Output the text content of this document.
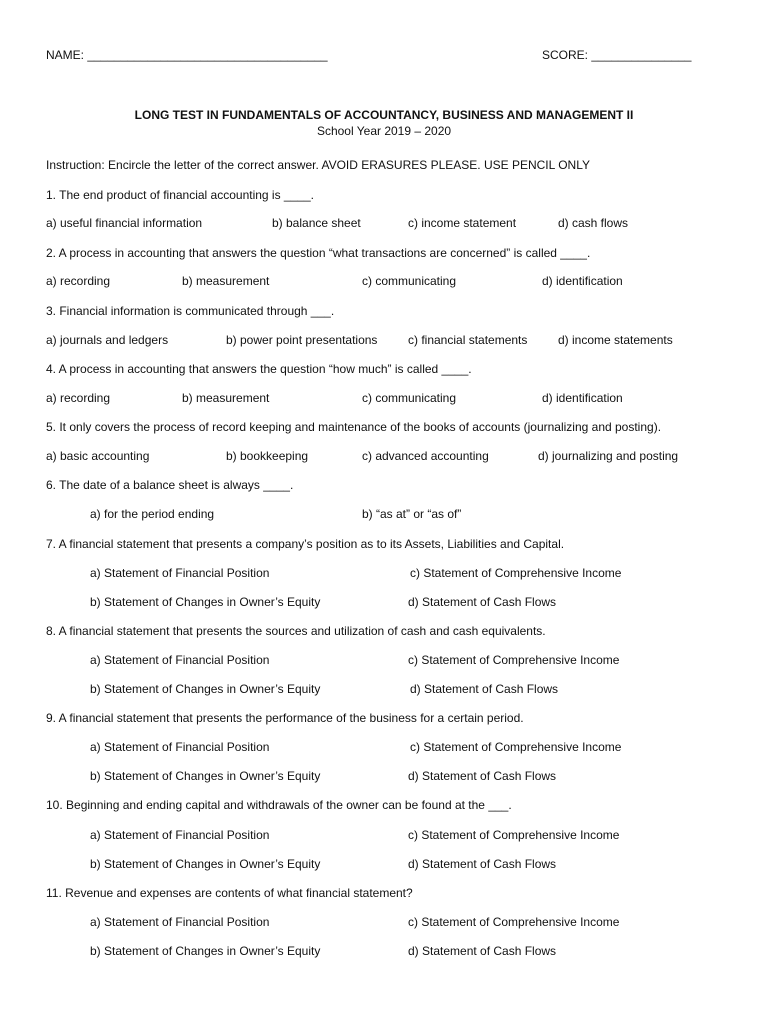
NAME: ____________________________________	SCORE: _______________
LONG TEST IN FUNDAMENTALS OF ACCOUNTANCY, BUSINESS AND MANAGEMENT II
School Year 2019 – 2020
Instruction: Encircle the letter of the correct answer. AVOID ERASURES PLEASE. USE PENCIL ONLY
1. The end product of financial accounting is ____.
a) useful financial information	b) balance sheet	c) income statement	d) cash flows
2. A process in accounting that answers the question “what transactions are concerned” is called ____.
a) recording	b) measurement	c) communicating	d) identification
3. Financial information is communicated through ___.
a) journals and ledgers	b) power point presentations	c) financial statements	d) income statements
4. A process in accounting that answers the question “how much” is called ____.
a) recording	b) measurement	c) communicating	d) identification
5. It only covers the process of record keeping and maintenance of the books of accounts (journalizing and posting).
a) basic accounting	b) bookkeeping	c) advanced accounting	d) journalizing and posting
6. The date of a balance sheet is always ____.
a) for the period ending	b) “as at” or “as of”
7. A financial statement that presents a company’s position as to its Assets, Liabilities and Capital.
a) Statement of Financial Position	c) Statement of Comprehensive Income
b) Statement of Changes in Owner’s Equity	d) Statement of Cash Flows
8. A financial statement that presents the sources and utilization of cash and cash equivalents.
a) Statement of Financial Position	c) Statement of Comprehensive Income
b) Statement of Changes in Owner’s Equity	d) Statement of Cash Flows
9. A financial statement that presents the performance of the business for a certain period.
a) Statement of Financial Position	c) Statement of Comprehensive Income
b) Statement of Changes in Owner’s Equity	d) Statement of Cash Flows
10. Beginning and ending capital and withdrawals of the owner can be found at the ___.
a) Statement of Financial Position	c) Statement of Comprehensive Income
b) Statement of Changes in Owner’s Equity	d) Statement of Cash Flows
11. Revenue and expenses are contents of what financial statement?
a) Statement of Financial Position	c) Statement of Comprehensive Income
b) Statement of Changes in Owner’s Equity	d) Statement of Cash Flows
